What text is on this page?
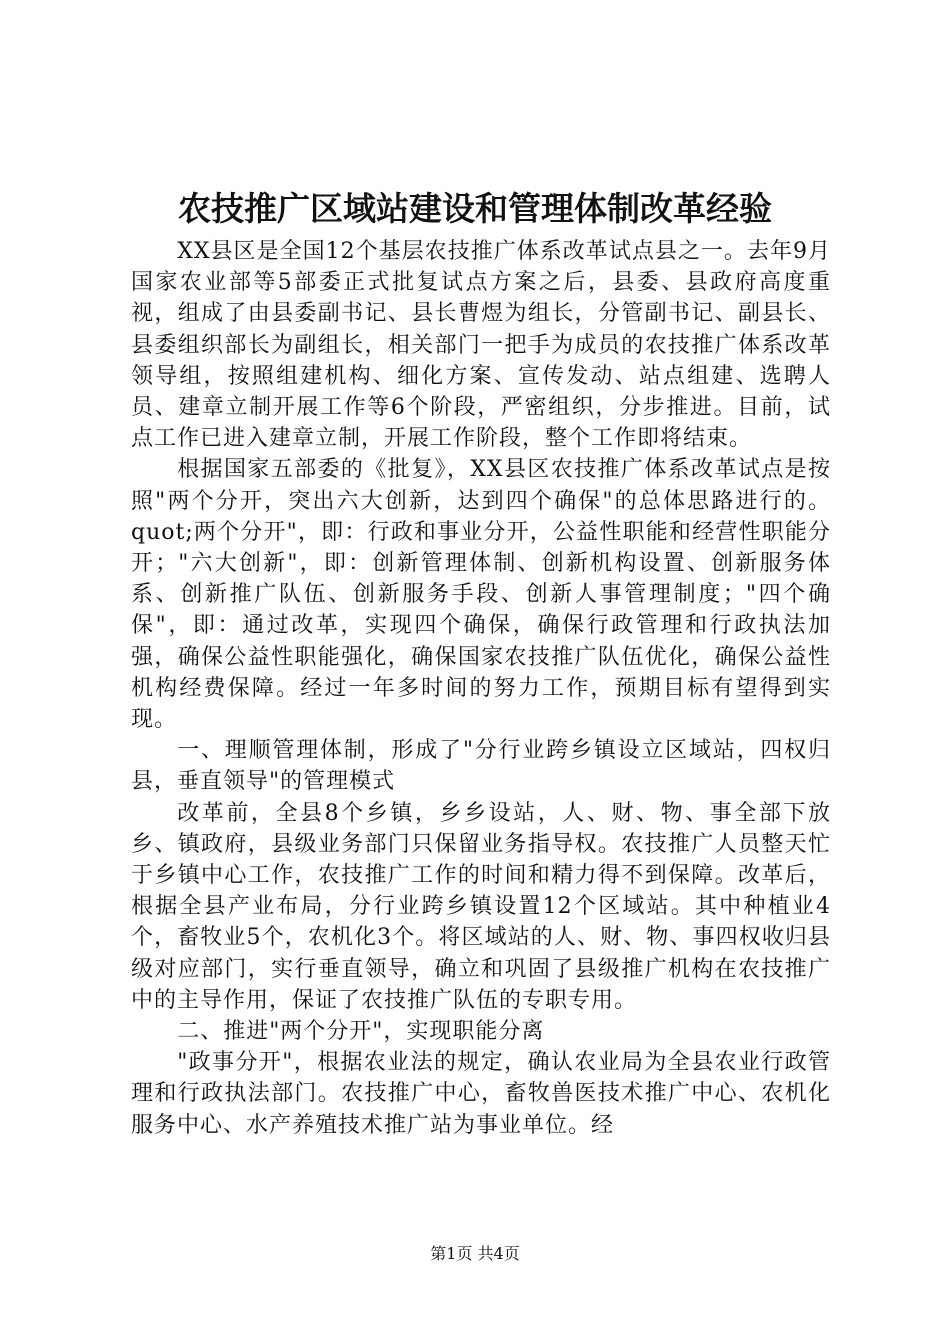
农技推广区域站建设和管理体制改革经验

XX县区是全国12个基层农技推广体系改革试点县之一。去年9月国家农业部等5部委正式批复试点方案之后，县委、县政府高度重视，组成了由县委副书记、县长曹煜为组长，分管副书记、副县长、县委组织部长为副组长，相关部门一把手为成员的农技推广体系改革领导组，按照组建机构、细化方案、宣传发动、站点组建、选聘人员、建章立制开展工作等6个阶段，严密组织，分步推进。目前，试点工作已进入建章立制，开展工作阶段，整个工作即将结束。

根据国家五部委的《批复》，XX县区农技推广体系改革试点是按照"两个分开，突出六大创新，达到四个确保"的总体思路进行的。quot;两个分开"，即：行政和事业分开，公益性职能和经营性职能分开；"六大创新"，即：创新管理体制、创新机构设置、创新服务体系、创新推广队伍、创新服务手段、创新人事管理制度；"四个确保"，即：通过改革，实现四个确保，确保行政管理和行政执法加强，确保公益性职能强化，确保国家农技推广队伍优化，确保公益性机构经费保障。经过一年多时间的努力工作，预期目标有望得到实现。

一、理顺管理体制，形成了"分行业跨乡镇设立区域站，四权归县，垂直领导"的管理模式

改革前，全县8个乡镇，乡乡设站，人、财、物、事全部下放乡、镇政府，县级业务部门只保留业务指导权。农技推广人员整天忙于乡镇中心工作，农技推广工作的时间和精力得不到保障。改革后，根据全县产业布局，分行业跨乡镇设置12个区域站。其中种植业4个，畜牧业5个，农机化3个。将区域站的人、财、物、事四权收归县级对应部门，实行垂直领导，确立和巩固了县级推广机构在农技推广中的主导作用，保证了农技推广队伍的专职专用。

二、推进"两个分开"，实现职能分离

"政事分开"，根据农业法的规定，确认农业局为全县农业行政管理和行政执法部门。农技推广中心，畜牧兽医技术推广中心、农机化服务中心、水产养殖技术推广站为事业单位。经

第1页 共4页
